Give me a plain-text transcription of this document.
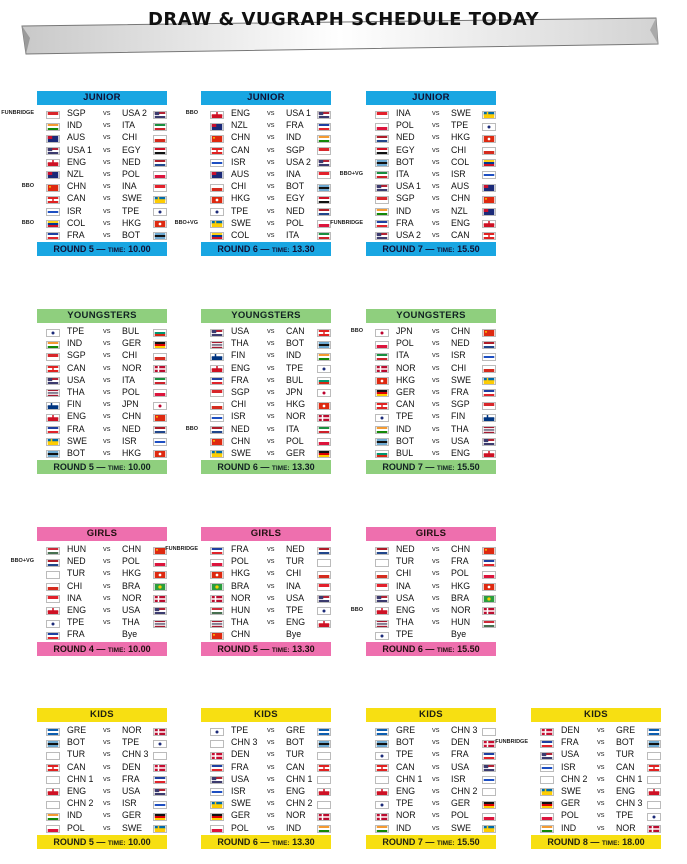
DRAW & VUGRAPH SCHEDULE TODAY
JUNIOR
FUNBRIDGE	SGP vs USA 2
IND	vs ITA
AUS vs CHI
USA 1 vs EGY
ENG vs NED
NZL	vs POL
BBO	CHN vs INA
CAN vs SWE
ISR	vs TPE
BBO	COL vs HKG
FRA vs BOT
ROUND 5 — TIME: 10.00
JUNIOR
BBO	ENG vs USA 1
NZL	vs FRA
CHN vs IND
CAN vs SGP
ISR	vs USA 2
AUS vs INA
CHI	vs BOT
HKG vs EGY
TPE	vs NED
BBO+VG	SWE vs POL
COL vs ITA
ROUND 6 — TIME: 13.30
JUNIOR
INA	vs SWE
POL vs TPE
NED vs HKG
EGY vs CHI
BOT vs COL
BBO+VG	ITA	vs ISR
USA 1 vs AUS
SGP vs CHN
IND	vs NZL
FUNBRIDGE	FRA vs ENG
USA 2 vs CAN
ROUND 7 — TIME: 15.50
YOUNGSTERS
TPE	vs BUL
IND	vs GER
SGP vs CHI
CAN vs NOR
USA vs ITA
THA vs POL
FIN	vs JPN
ENG vs CHN
FRA vs NED
SWE vs ISR
BOT vs HKG
ROUND 5 — TIME: 10.00
YOUNGSTERS
USA vs CAN
THA vs BOT
FIN	vs IND
ENG vs TPE
FRA vs BUL
SGP vs JPN
CHI	vs HKG
ISR	vs NOR
BBO	NED vs ITA
CHN vs POL
SWE vs GER
ROUND 6 — TIME: 13.30
YOUNGSTERS
BBO	JPN	vs CHN
POL vs NED
ITA	vs ISR
NOR vs CHI
HKG vs SWE
GER vs FRA
CAN vs SGP
TPE	vs FIN
IND	vs THA
BOT vs USA
BUL	vs ENG
ROUND 7 — TIME: 15.50
GIRLS
HUN vs CHN
BBO+VG	NED vs POL
TUR vs HKG
CHI	vs BRA
INA	vs NOR
ENG vs USA
TPE	vs THA
FRA	Bye
ROUND 4 — TIME: 10.00
GIRLS
FUNBRIDGE	FRA vs NED
POL vs TUR
HKG vs CHI
BRA vs INA
NOR vs USA
HUN vs TPE
THA vs ENG
CHN	Bye
ROUND 5 — TIME: 13.30
GIRLS
NED vs CHN
TUR vs FRA
CHI	vs POL
INA	vs HKG
USA vs BRA
BBO	ENG vs NOR
THA vs HUN
TPE	Bye
ROUND 6 — TIME: 15.50
KIDS
GRE vs NOR
BOT vs TPE
TUR vs CHN 3
CAN vs DEN
CHN 1 vs FRA
ENG vs USA
CHN 2 vs ISR
IND	vs GER
POL vs SWE
ROUND 5 — TIME: 10.00
KIDS
TPE	vs GRE
CHN 3 vs BOT
DEN vs TUR
FRA vs CAN
USA vs CHN 1
ISR	vs ENG
SWE vs CHN 2
GER vs NOR
POL vs IND
ROUND 6 — TIME: 13.30
KIDS
GRE vs CHN 3
BOT vs DEN
TPE	vs FRA
CAN vs USA
CHN 1 vs ISR
ENG vs CHN 2
TPE	vs GER
NOR vs POL
IND	vs SWE
ROUND 7 — TIME: 15.50
KIDS
DEN vs GRE
FUNBRIDGE	FRA vs BOT
USA vs TUR
ISR	vs CAN
CHN 2 vs CHN 1
SWE vs ENG
GER vs CHN 3
POL vs TPE
IND	vs NOR
ROUND 8 — TIME: 18.00
